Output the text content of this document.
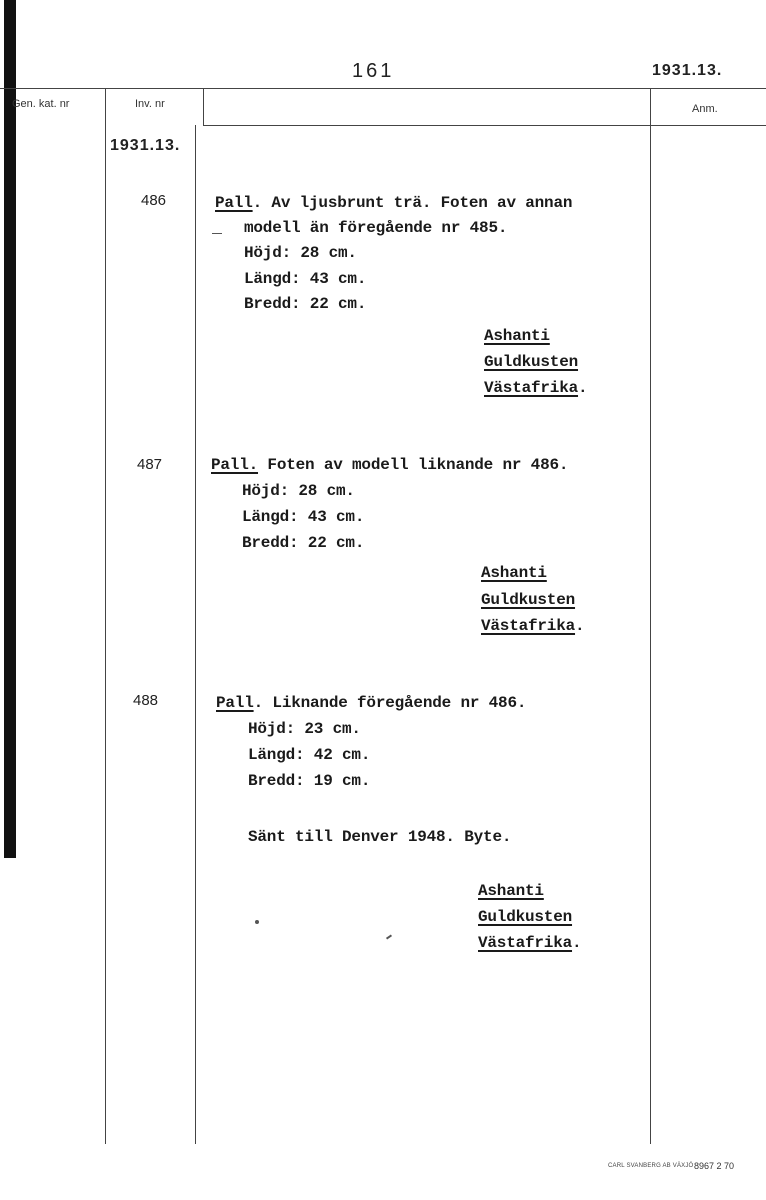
161	1931.13.
Gen. kat. nr	Inv. nr	Anm.
1931.13.
486	Pall. Av ljusbrunt trä. Foten av annan
modell än föregående nr 485.
Höjd: 28 cm.
Längd: 43 cm.
Bredd: 22 cm.
Ashanti
Guldkusten
Västafrika.
487	Pall. Foten av modell liknande nr 486.
Höjd: 28 cm.
Längd: 43 cm.
Bredd: 22 cm.
Ashanti
Guldkusten
Västafrika.
488	Pall. Liknande föregående nr 486.
Höjd: 23 cm.
Längd: 42 cm.
Bredd: 19 cm.
Sänt till Denver 1948. Byte.
Ashanti
Guldkusten
Västafrika.
CARL SVANBERG AB VÄXJÖ 8967 2 70
